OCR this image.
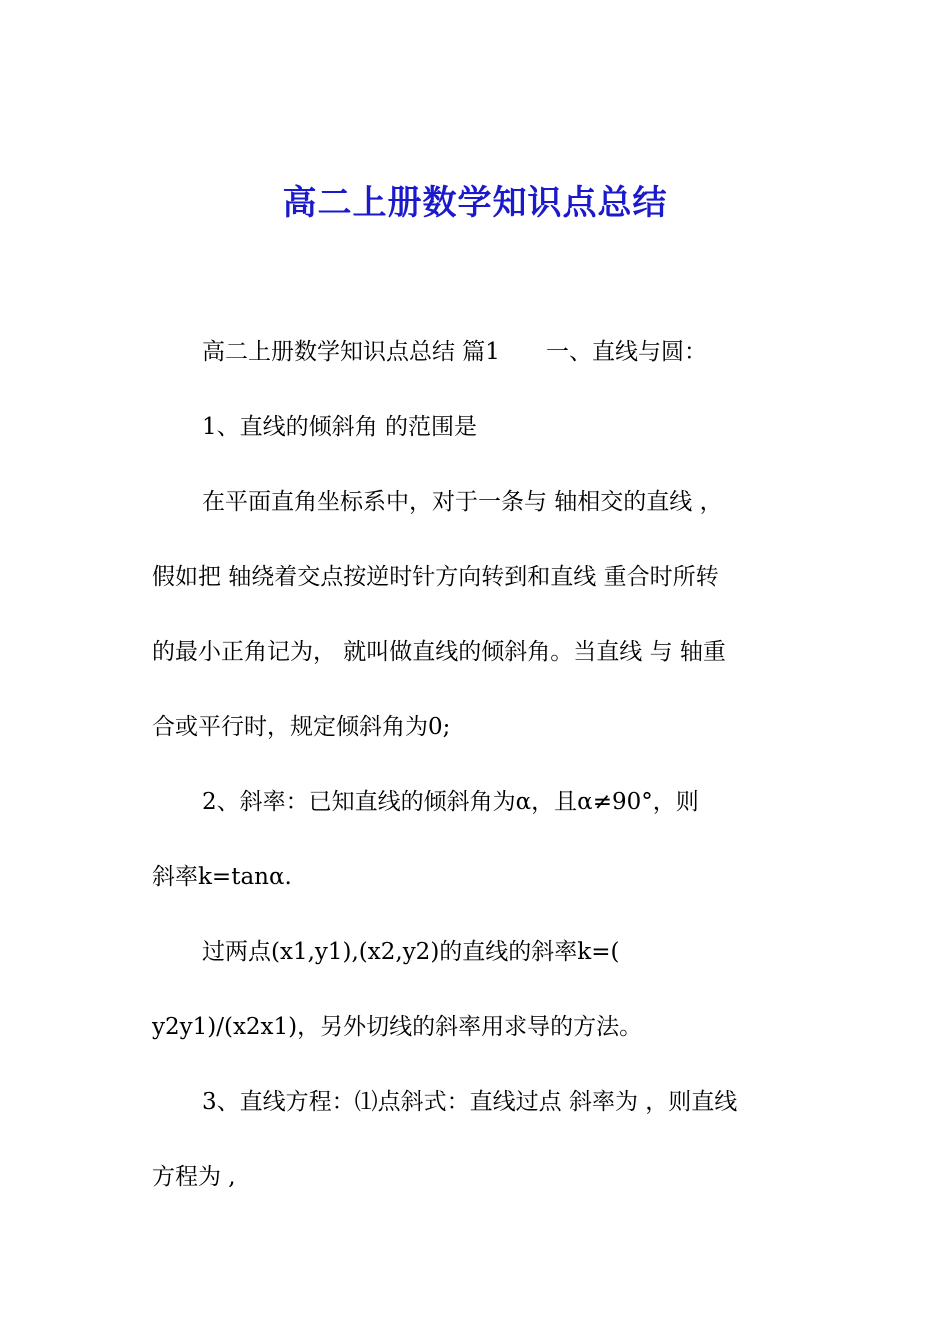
高二上册数学知识点总结

高二上册数学知识点总结 篇1 一、直线与圆：

1、直线的倾斜角 的范围是

在平面直角坐标系中，对于一条与 轴相交的直线 ，

假如把 轴绕着交点按逆时针方向转到和直线 重合时所转

的最小正角记为， 就叫做直线的倾斜角。当直线 与 轴重

合或平行时，规定倾斜角为0;

2、斜率：已知直线的倾斜角为α，且α≠90°，则

斜率k=tanα.

过两点(x1,y1),(x2,y2)的直线的斜率k=(

y2y1)/(x2x1)，另外切线的斜率用求导的方法。

3、直线方程：⑴点斜式：直线过点 斜率为 ，则直线

方程为 ,
